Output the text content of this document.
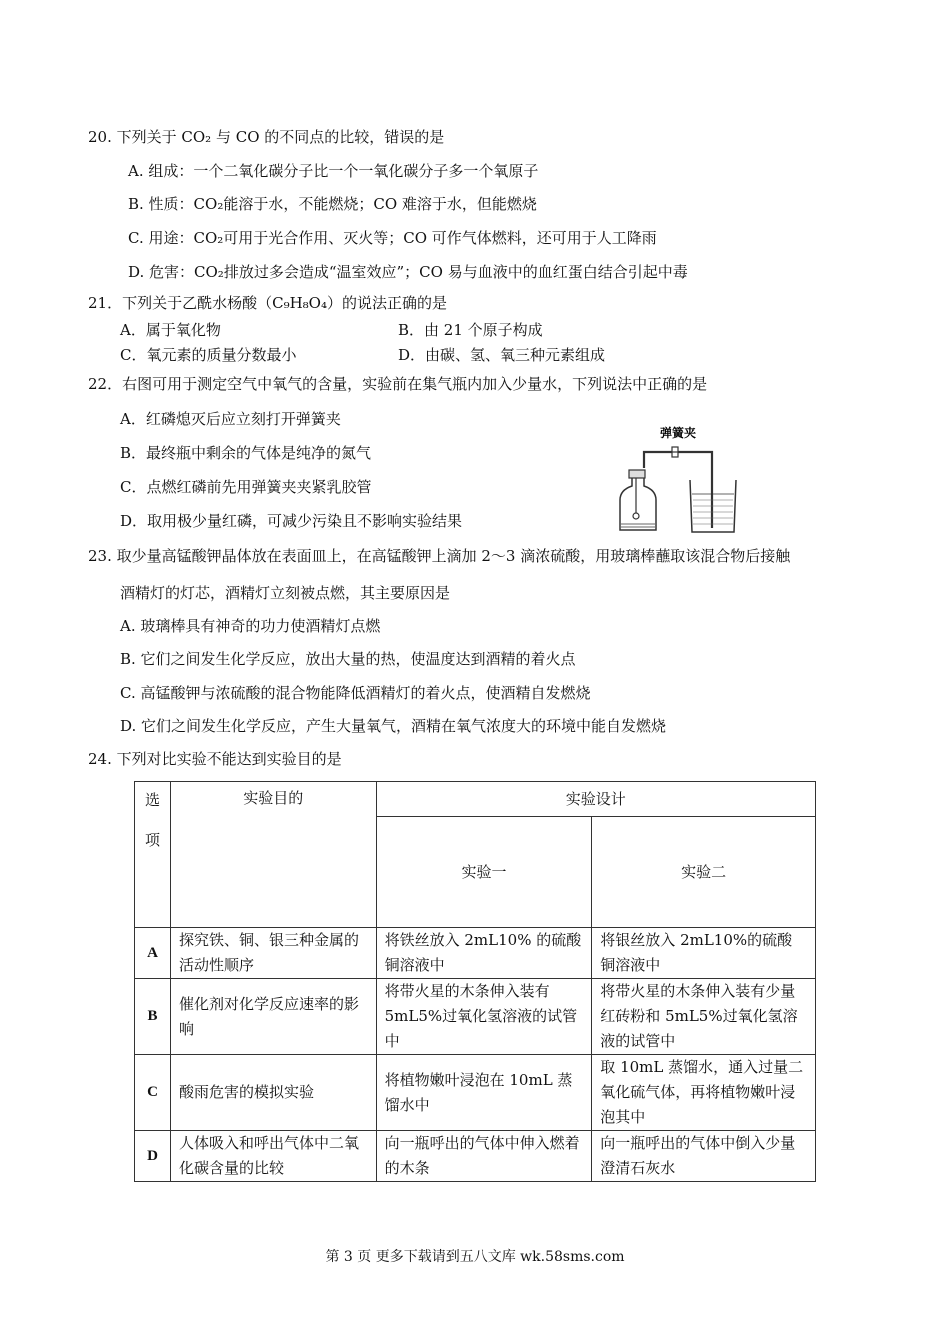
20. 下列关于 CO₂ 与 CO 的不同点的比较，错误的是
A. 组成：一个二氧化碳分子比一个一氧化碳分子多一个氧原子
B. 性质：CO₂能溶于水，不能燃烧；CO 难溶于水，但能燃烧
C. 用途：CO₂可用于光合作用、灭火等；CO 可作气体燃料，还可用于人工降雨
D. 危害：CO₂排放过多会造成“温室效应”；CO 易与血液中的血红蛋白结合引起中毒
21．下列关于乙酰水杨酸（C₉H₈O₄）的说法正确的是
A．属于氧化物	B．由 21 个原子构成
C．氧元素的质量分数最小	D．由碳、氢、氧三种元素组成
22．右图可用于测定空气中氧气的含量，实验前在集气瓶内加入少量水，下列说法中正确的是
A．红磷熄灭后应立刻打开弹簧夹
B．最终瓶中剩余的气体是纯净的氮气
C．点燃红磷前先用弹簧夹夹紧乳胶管
D．取用极少量红磷，可减少污染且不影响实验结果
弹簧夹
23. 取少量高锰酸钾晶体放在表面皿上，在高锰酸钾上滴加 2～3 滴浓硫酸，用玻璃棒蘸取该混合物后接触
酒精灯的灯芯，酒精灯立刻被点燃，其主要原因是
A. 玻璃棒具有神奇的功力使酒精灯点燃
B. 它们之间发生化学反应，放出大量的热，使温度达到酒精的着火点
C. 高锰酸钾与浓硫酸的混合物能降低酒精灯的着火点，使酒精自发燃烧
D. 它们之间发生化学反应，产生大量氧气，酒精在氧气浓度大的环境中能自发燃烧
24. 下列对比实验不能达到实验目的是
选

项	实验目的	实验设计	
		实验一	实验二
A	探究铁、铜、银三种金属的活动性顺序	将铁丝放入 2mL10% 的硫酸铜溶液中	将银丝放入 2mL10%的硫酸铜溶液中
B	催化剂对化学反应速率的影响	将带火星的木条伸入装有 5mL5%过氧化氢溶液的试管中	将带火星的木条伸入装有少量红砖粉和 5mL5%过氧化氢溶液的试管中
C	酸雨危害的模拟实验	将植物嫩叶浸泡在 10mL 蒸馏水中	取 10mL 蒸馏水，通入过量二氧化硫气体，再将植物嫩叶浸泡其中
D	人体吸入和呼出气体中二氧化碳含量的比较	向一瓶呼出的气体中伸入燃着的木条	向一瓶呼出的气体中倒入少量澄清石灰水
第 3 页 更多下载请到五八文库 wk.58sms.com
